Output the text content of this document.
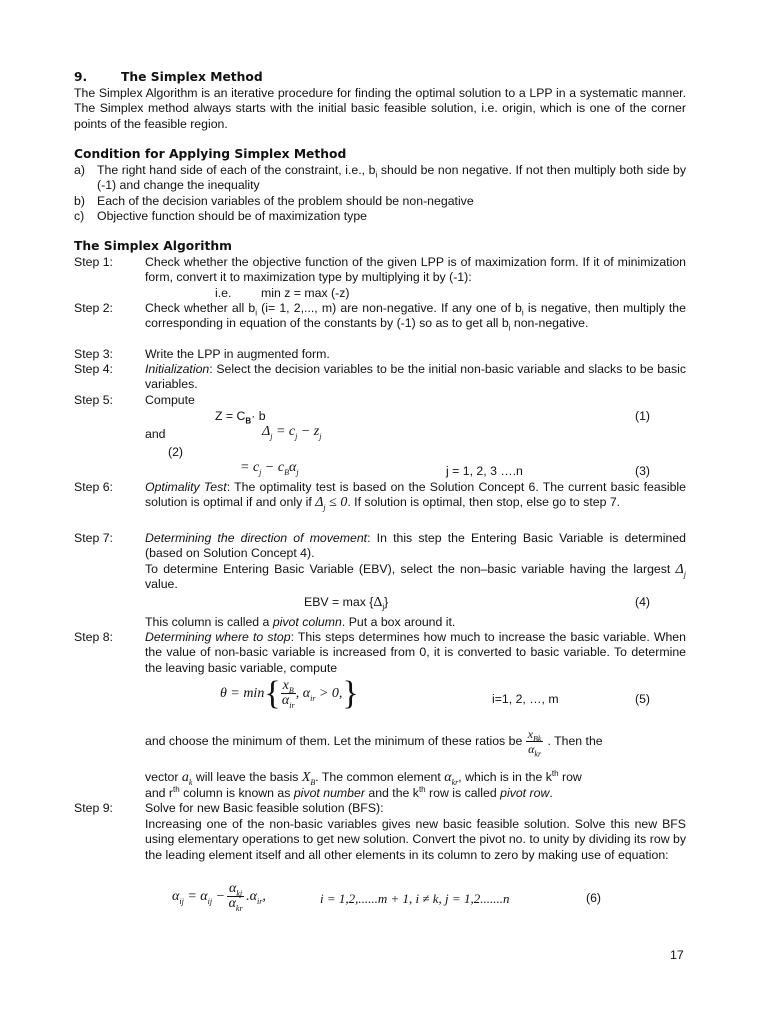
9.	The Simplex Method
The Simplex Algorithm is an iterative procedure for finding the optimal solution to a LPP in a systematic manner. The Simplex method always starts with the initial basic feasible solution, i.e. origin, which is one of the corner points of the feasible region.
Condition for Applying Simplex Method
a) The right hand side of each of the constraint, i.e., $b_i$ should be non negative. If not then multiply both side by (-1) and change the inequality
b) Each of the decision variables of the problem should be non-negative
c) Objective function should be of maximization type
The Simplex Algorithm
Step 1:	Check whether the objective function of the given LPP is of maximization form. If it of minimization form, convert it to maximization type by multiplying it by (-1):
i.e. min z = max (-z)
Step 2:	Check whether all $b_i$ (i= 1, 2,..., m) are non-negative. If any one of $b_i$ is negative, then multiply the corresponding in equation of the constants by (-1) so as to get all $b_i$ non-negative.
Step 3:	Write the LPP in augmented form.
Step 4:	Initialization: Select the decision variables to be the initial non-basic variable and slacks to be basic variables.
Step 5:	Compute
$Z = C_B\cdot b$	(1)
and	$\Delta_j = c_j - z_j$
(2)
= $c_j - c_B\alpha_j$	j = 1, 2, 3 ….n	(3)
Step 6:	Optimality Test: The optimality test is based on the Solution Concept 6. The current basic feasible solution is optimal if and only if $\Delta_j \le 0$. If solution is optimal, then stop, else go to step 7.
Step 7:	Determining the direction of movement: In this step the Entering Basic Variable is determined (based on Solution Concept 4).
To determine Entering Basic Variable (EBV), select the non–basic variable having the largest $\Delta_j$ value.
EBV = $\max \{\Delta_j\}$	(4)
This column is called a pivot column. Put a box around it.
Step 8:	Determining where to stop: This steps determines how much to increase the basic variable. When the value of non-basic variable is increased from 0, it is converted to basic variable. To determine the leaving basic variable, compute
$\theta = \min\{ \frac{x_B}{\alpha_{ir}}$ , $\alpha_{ir} > 0$,}	i=1, 2, …, m	(5)
and choose the minimum of them. Let the minimum of these ratios be $\frac{x_{Bk}}{\alpha_{kr}}$ . Then the
vector $a_k$ will leave the basis $X_B$. The common element $\alpha_{kr}$, which is in the $k^{th}$ row
and $r^{th}$ column is known as pivot number and the $k^{th}$ row is called pivot row.
Step 9:	Solve for new Basic feasible solution (BFS):
Increasing one of the non-basic variables gives new basic feasible solution. Solve this new BFS using elementary operations to get new solution. Convert the pivot no. to unity by dividing its row by the leading element itself and all other elements in its column to zero by making use of equation:
$\alpha_{ij} = \alpha_{ij} - \frac{\alpha_{kj}}{\alpha_{kr}} .\alpha_{ir}$,	i = 1,2,......m + 1, i ≠ k, j = 1,2.......n	(6)
17
